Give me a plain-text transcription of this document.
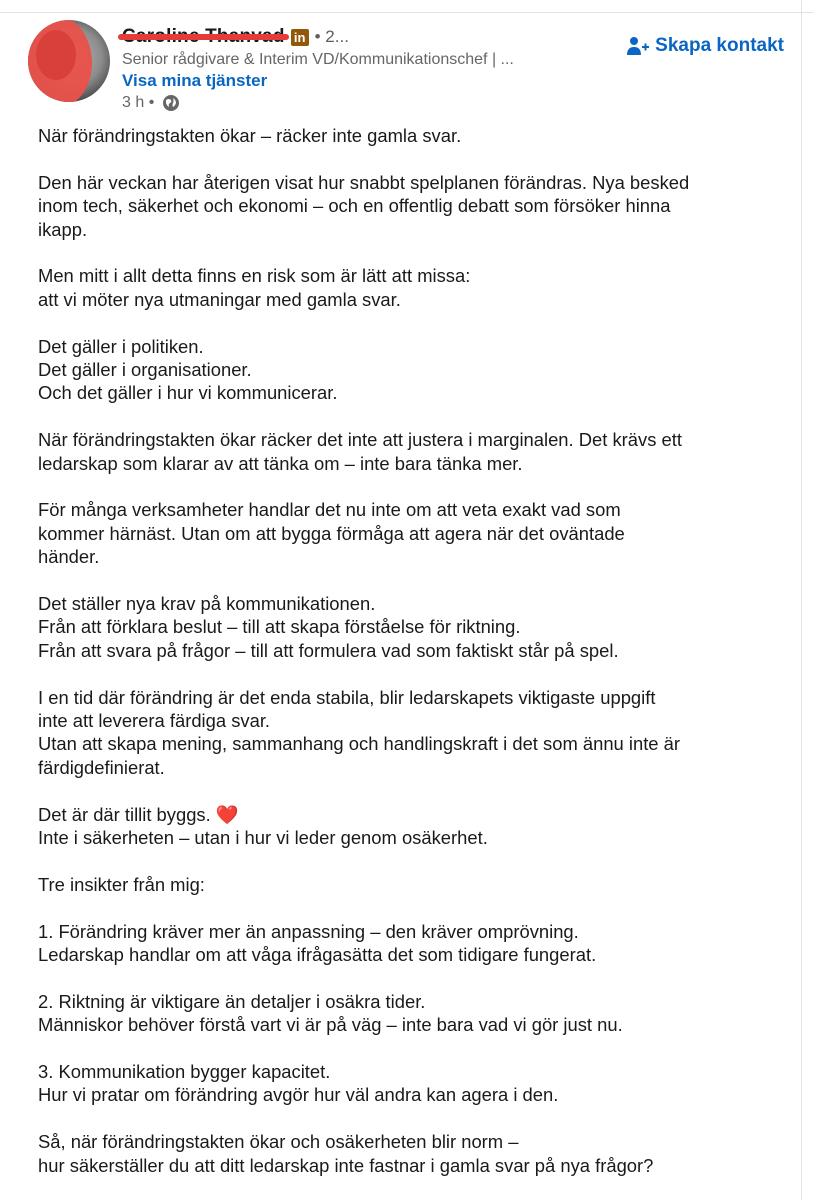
in • 2...
Senior rådgivare & Interim VD/Kommunikationschef | ...
Visa mina tjänster
3 h •
Skapa kontakt

När förändringstakten ökar – räcker inte gamla svar.

Den här veckan har återigen visat hur snabbt spelplanen förändras. Nya besked

inom tech, säkerhet och ekonomi – och en offentlig debatt som försöker hinna

ikapp.

Men mitt i allt detta finns en risk som är lätt att missa:

att vi möter nya utmaningar med gamla svar.

Det gäller i politiken.

Det gäller i organisationer.

Och det gäller i hur vi kommunicerar.

När förändringstakten ökar räcker det inte att justera i marginalen. Det krävs ett

ledarskap som klarar av att tänka om – inte bara tänka mer.

För många verksamheter handlar det nu inte om att veta exakt vad som

kommer härnäst. Utan om att bygga förmåga att agera när det oväntade

händer.

Det ställer nya krav på kommunikationen.

Från att förklara beslut – till att skapa förståelse för riktning.

Från att svara på frågor – till att formulera vad som faktiskt står på spel.

I en tid där förändring är det enda stabila, blir ledarskapets viktigaste uppgift

inte att leverera färdiga svar.

Utan att skapa mening, sammanhang och handlingskraft i det som ännu inte är

färdigdefinierat.

Det är där tillit byggs. ❤️

Inte i säkerheten – utan i hur vi leder genom osäkerhet.

Tre insikter från mig:

1. Förändring kräver mer än anpassning – den kräver omprövning.

Ledarskap handlar om att våga ifrågasätta det som tidigare fungerat.

2. Riktning är viktigare än detaljer i osäkra tider.

Människor behöver förstå vart vi är på väg – inte bara vad vi gör just nu.

3. Kommunikation bygger kapacitet.

Hur vi pratar om förändring avgör hur väl andra kan agera i den.

Så, när förändringstakten ökar och osäkerheten blir norm –

hur säkerställer du att ditt ledarskap inte fastnar i gamla svar på nya frågor?
